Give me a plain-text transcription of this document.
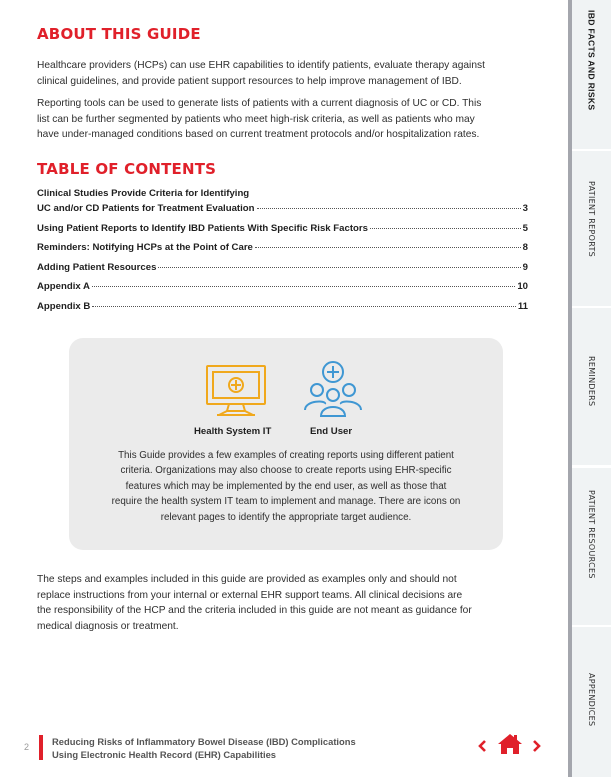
ABOUT THIS GUIDE
Healthcare providers (HCPs) can use EHR capabilities to identify patients, evaluate therapy against
clinical guidelines, and provide patient support resources to help improve management of IBD.
Reporting tools can be used to generate lists of patients with a current diagnosis of UC or CD. This
list can be further segmented by patients who meet high-risk criteria, as well as patients who may
have under-managed conditions based on current treatment protocols and/or hospitalization rates.
TABLE OF CONTENTS
Clinical Studies Provide Criteria for Identifying
UC and/or CD Patients for Treatment Evaluation	3
Using Patient Reports to Identify IBD Patients With Specific Risk Factors	5
Reminders: Notifying HCPs at the Point of Care	8
Adding Patient Resources	9
Appendix A	10
Appendix B	11
Health System IT	End User
This Guide provides a few examples of creating reports using different patient
criteria. Organizations may also choose to create reports using EHR-specific
features which may be implemented by the end user, as well as those that
require the health system IT team to implement and manage. There are icons on
relevant pages to identify the appropriate target audience.
The steps and examples included in this guide are provided as examples only and should not
replace instructions from your internal or external EHR support teams. All clinical decisions are
the responsibility of the HCP and the criteria included in this guide are not meant as guidance for
medical diagnosis or treatment.
2 Reducing Risks of Inflammatory Bowel Disease (IBD) Complications
Using Electronic Health Record (EHR) Capabilities
IBD FACTS AND RISKS
PATIENT REPORTS
REMINDERS
PATIENT RESOURCES
APPENDICES
